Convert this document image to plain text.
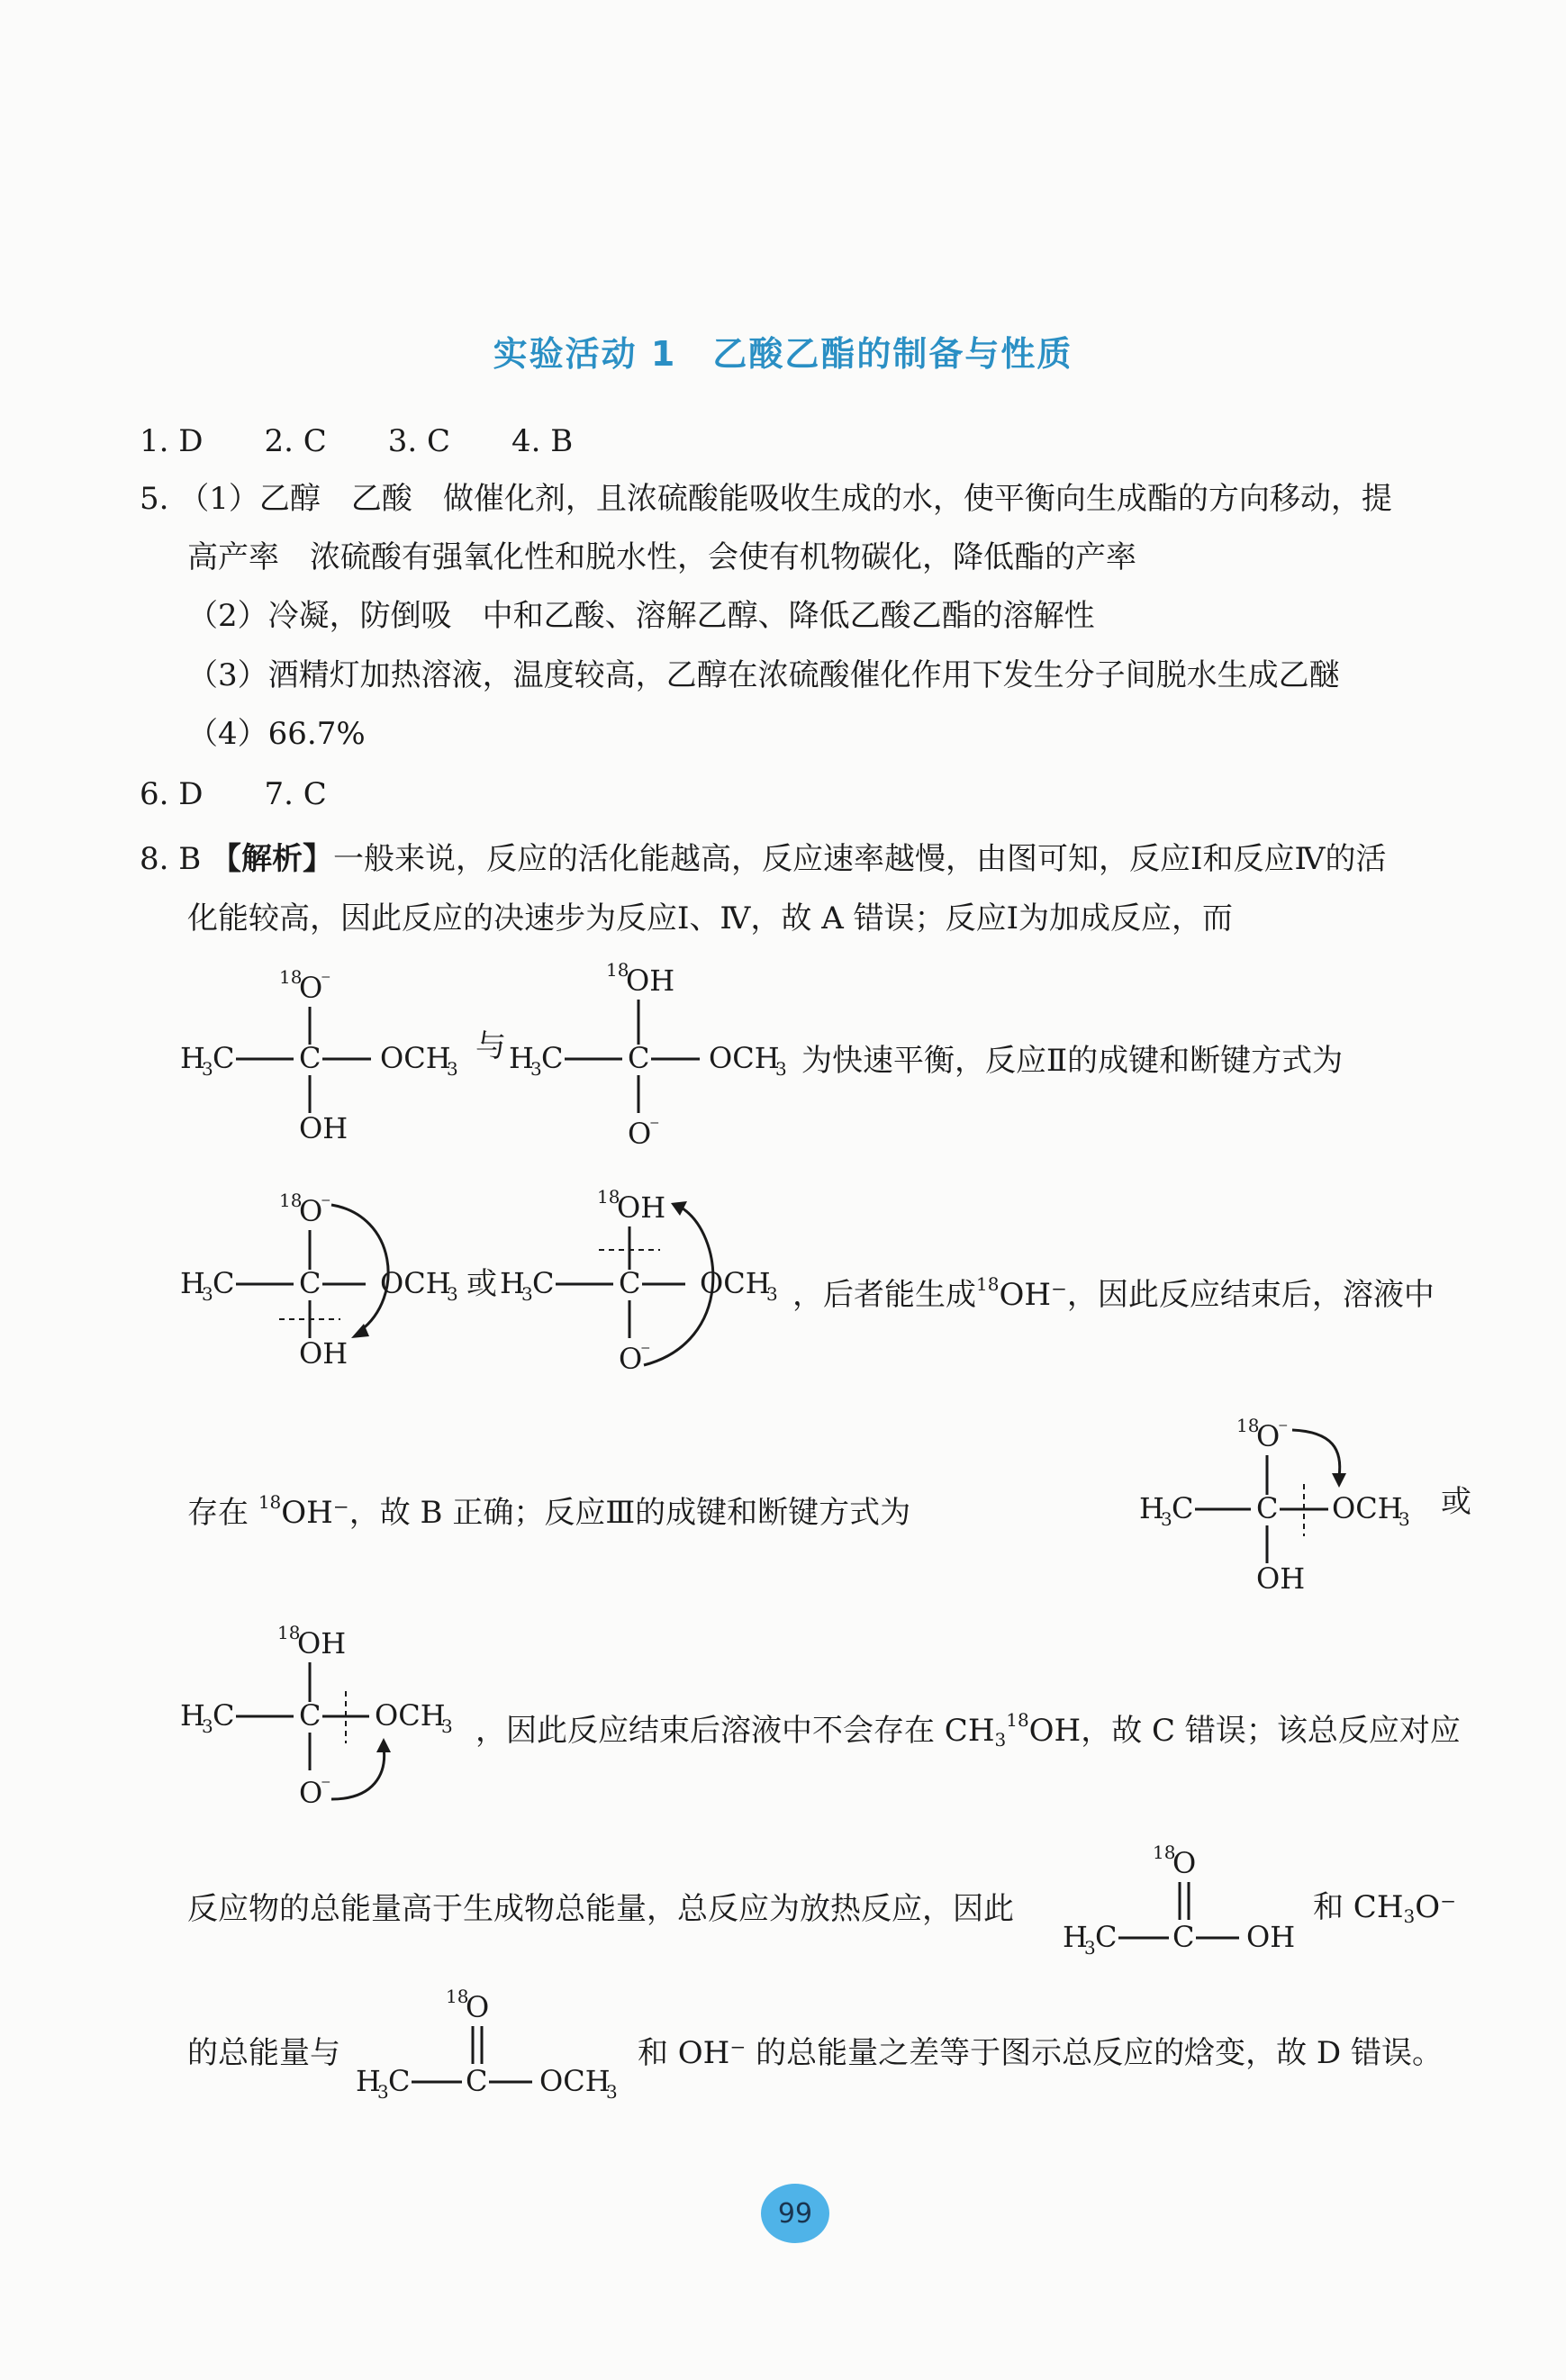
实验活动 1　乙酸乙酯的制备与性质
1. D　　2. C　　3. C　　4. B
5. （1）乙醇　乙酸　做催化剂，且浓硫酸能吸收生成的水，使平衡向生成酯的方向移动，提
高产率　浓硫酸有强氧化性和脱水性，会使有机物碳化，降低酯的产率
（2）冷凝，防倒吸　中和乙酸、溶解乙醇、降低乙酸乙酯的溶解性
（3）酒精灯加热溶液，温度较高，乙醇在浓硫酸催化作用下发生分子间脱水生成乙醚
（4）66.7%
6. D　　7. C
8. B 【解析】一般来说，反应的活化能越高，反应速率越慢，由图可知，反应Ⅰ和反应Ⅳ的活
化能较高，因此反应的决速步为反应Ⅰ、Ⅳ，故 A 错误；反应Ⅰ为加成反应，而
18
O
⁻
H
3 C C OCH
3
OH
与
18
OH
H
3 C C OCH
3
O
⁻
为快速平衡，反应Ⅱ的成键和断键方式为
18
O
⁻
H
3 C C OCH
3
OH
或
18
OH
H
3 C C OCH
3
O
⁻
，后者能生成$^{18}$OH⁻，因此反应结束后，溶液中
存在 $^{18}$OH⁻，故 B 正确；反应Ⅲ的成键和断键方式为
18
O
⁻
H
3 C C OCH
3
OH
或
18
OH
H
3 C C OCH
3
O
⁻
，因此反应结束后溶液中不会存在 $CH_3^{18}OH$，故 C 错误；该总反应对应
反应物的总能量高于生成物总能量，总反应为放热反应，因此
18
O
H
3 C C OH
和 $CH_3O^-$
的总能量与
18
O
H
3 C C OCH
3
和 OH⁻ 的总能量之差等于图示总反应的焓变，故 D 错误。
99
